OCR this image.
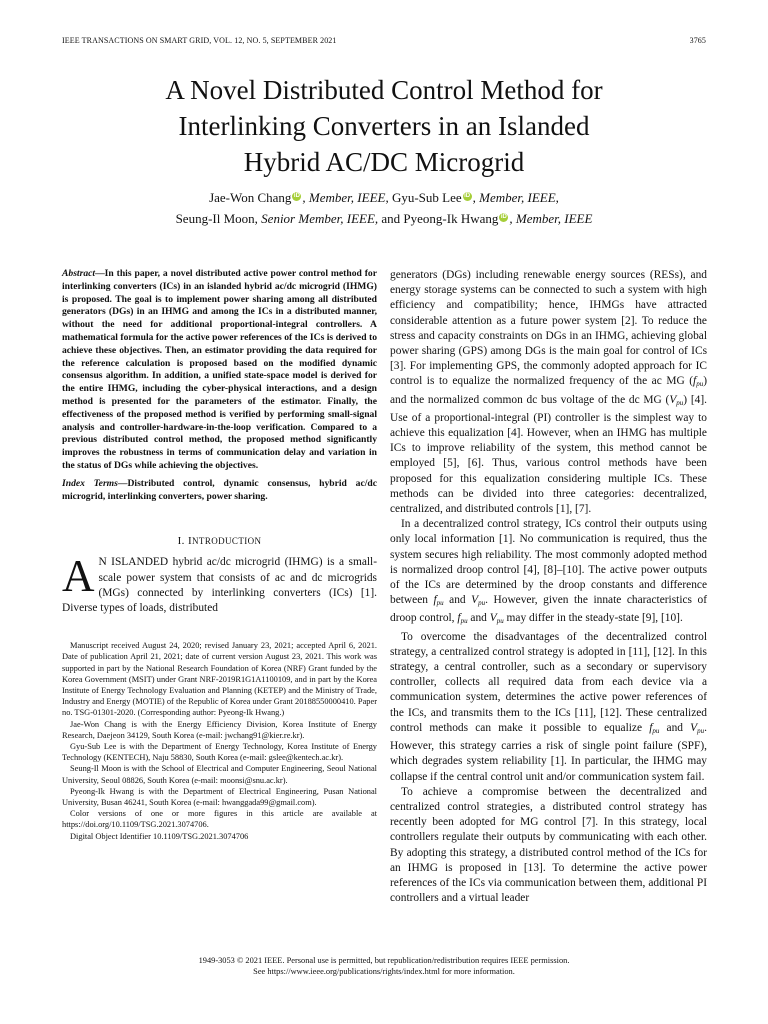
IEEE TRANSACTIONS ON SMART GRID, VOL. 12, NO. 5, SEPTEMBER 2021	3765
A Novel Distributed Control Method for
Interlinking Converters in an Islanded
Hybrid AC/DC Microgrid
Jae-Won Chang iD , Member, IEEE, Gyu-Sub Lee iD , Member, IEEE,
Seung-Il Moon, Senior Member, IEEE, and Pyeong-Ik Hwang iD , Member, IEEE

Abstract—In this paper, a novel distributed active power control method for interlinking converters (ICs) in an islanded hybrid ac/dc microgrid (IHMG) is proposed. The goal is to implement power sharing among all distributed generators (DGs) in an IHMG and among the ICs in a distributed manner, without the need for additional proportional-integral controllers. A mathematical formula for the active power references of the ICs is derived to achieve these objectives. Then, an estimator providing the data required for the reference calculation is proposed based on the modified dynamic consensus algorithm. In addition, a unified state-space model is derived for the entire IHMG, including the cyber-physical interactions, and a design method is presented for the parameters of the estimator. Finally, the effectiveness of the proposed method is verified by performing small-signal analysis and controller-hardware-in-the-loop verification. Compared to a previous distributed control method, the proposed method significantly improves the robustness in terms of communication delay and variation in the status of DGs while achieving the objectives.

Index Terms—Distributed control, dynamic consensus, hybrid ac/dc microgrid, interlinking converters, power sharing.

I. INTRODUCTION

A N ISLANDED hybrid ac/dc microgrid (IHMG) is a small-scale power system that consists of ac and dc microgrids (MGs) connected by interlinking converters (ICs) [1]. Diverse types of loads, distributed

Manuscript received August 24, 2020; revised January 23, 2021; accepted April 6, 2021. Date of publication April 21, 2021; date of current version August 23, 2021. This work was supported in part by the National Research Foundation of Korea (NRF) Grant funded by the Korea Government (MSIT) under Grant NRF-2019R1G1A1100109, and in part by the Korea Institute of Energy Technology Evaluation and Planning (KETEP) and the Ministry of Trade, Industry and Energy (MOTIE) of the Republic of Korea under Grant 20188550000410. Paper no. TSG-01301-2020. (Corresponding author: Pyeong-Ik Hwang.)

Jae-Won Chang is with the Energy Efficiency Division, Korea Institute of Energy Research, Daejeon 34129, South Korea (e-mail: jwchang91@kier.re.kr).

Gyu-Sub Lee is with the Department of Energy Technology, Korea Institute of Energy Technology (KENTECH), Naju 58830, South Korea (e-mail: gslee@kentech.ac.kr).

Seung-Il Moon is with the School of Electrical and Computer Engineering, Seoul National University, Seoul 08826, South Korea (e-mail: moonsi@snu.ac.kr).

Pyeong-Ik Hwang is with the Department of Electrical Engineering, Pusan National University, Busan 46241, South Korea (e-mail: hwanggada99@gmail.com).

Color versions of one or more figures in this article are available at https://doi.org/10.1109/TSG.2021.3074706.

Digital Object Identifier 10.1109/TSG.2021.3074706

generators (DGs) including renewable energy sources (RESs), and energy storage systems can be connected to such a system with high efficiency and compatibility; hence, IHMGs have attracted considerable attention as a future power system [2]. To reduce the stress and capacity constraints on DGs in an IHMG, achieving global power sharing (GPS) among DGs is the main goal for control of ICs [3]. For implementing GPS, the commonly adopted approach for IC control is to equalize the normalized frequency of the ac MG $(f_{pu})$ and the normalized common dc bus voltage of the dc MG $(V_{pu})$ [4]. Use of a proportional-integral (PI) controller is the simplest way to achieve this equalization [4]. However, when an IHMG has multiple ICs to improve reliability of the system, this method cannot be employed [5], [6]. Thus, various control methods have been proposed for this equalization considering multiple ICs. These methods can be divided into three categories: decentralized, centralized, and distributed controls [1], [7].

In a decentralized control strategy, ICs control their outputs using only local information [1]. No communication is required, thus the system secures high reliability. The most commonly adopted method is normalized droop control [4], [8]–[10]. The active power outputs of the ICs are determined by the droop constants and difference between $f_{pu}$ and $V_{pu}$. However, given the innate characteristics of droop control, $f_{pu}$ and $V_{pu}$ may differ in the steady-state [9], [10].

To overcome the disadvantages of the decentralized control strategy, a centralized control strategy is adopted in [11], [12]. In this strategy, a central controller, such as a secondary or supervisory controller, collects all required data from each device via a communication system, determines the active power references of the ICs, and transmits them to the ICs [11], [12]. These centralized control methods can make it possible to equalize $f_{pu}$ and $V_{pu}$. However, this strategy carries a risk of single point failure (SPF), which degrades system reliability [1]. In particular, the IHMG may collapse if the central control unit and/or communication system fail.

To achieve a compromise between the decentralized and centralized control strategies, a distributed control strategy has recently been adopted for MG control [7]. In this strategy, local controllers regulate their outputs by communicating with each other. By adopting this strategy, a distributed control method of the ICs for an IHMG is proposed in [13]. To determine the active power references of the ICs via communication between them, additional PI controllers and a virtual leader

1949-3053 © 2021 IEEE. Personal use is permitted, but republication/redistribution requires IEEE permission.
See https://www.ieee.org/publications/rights/index.html for more information.
